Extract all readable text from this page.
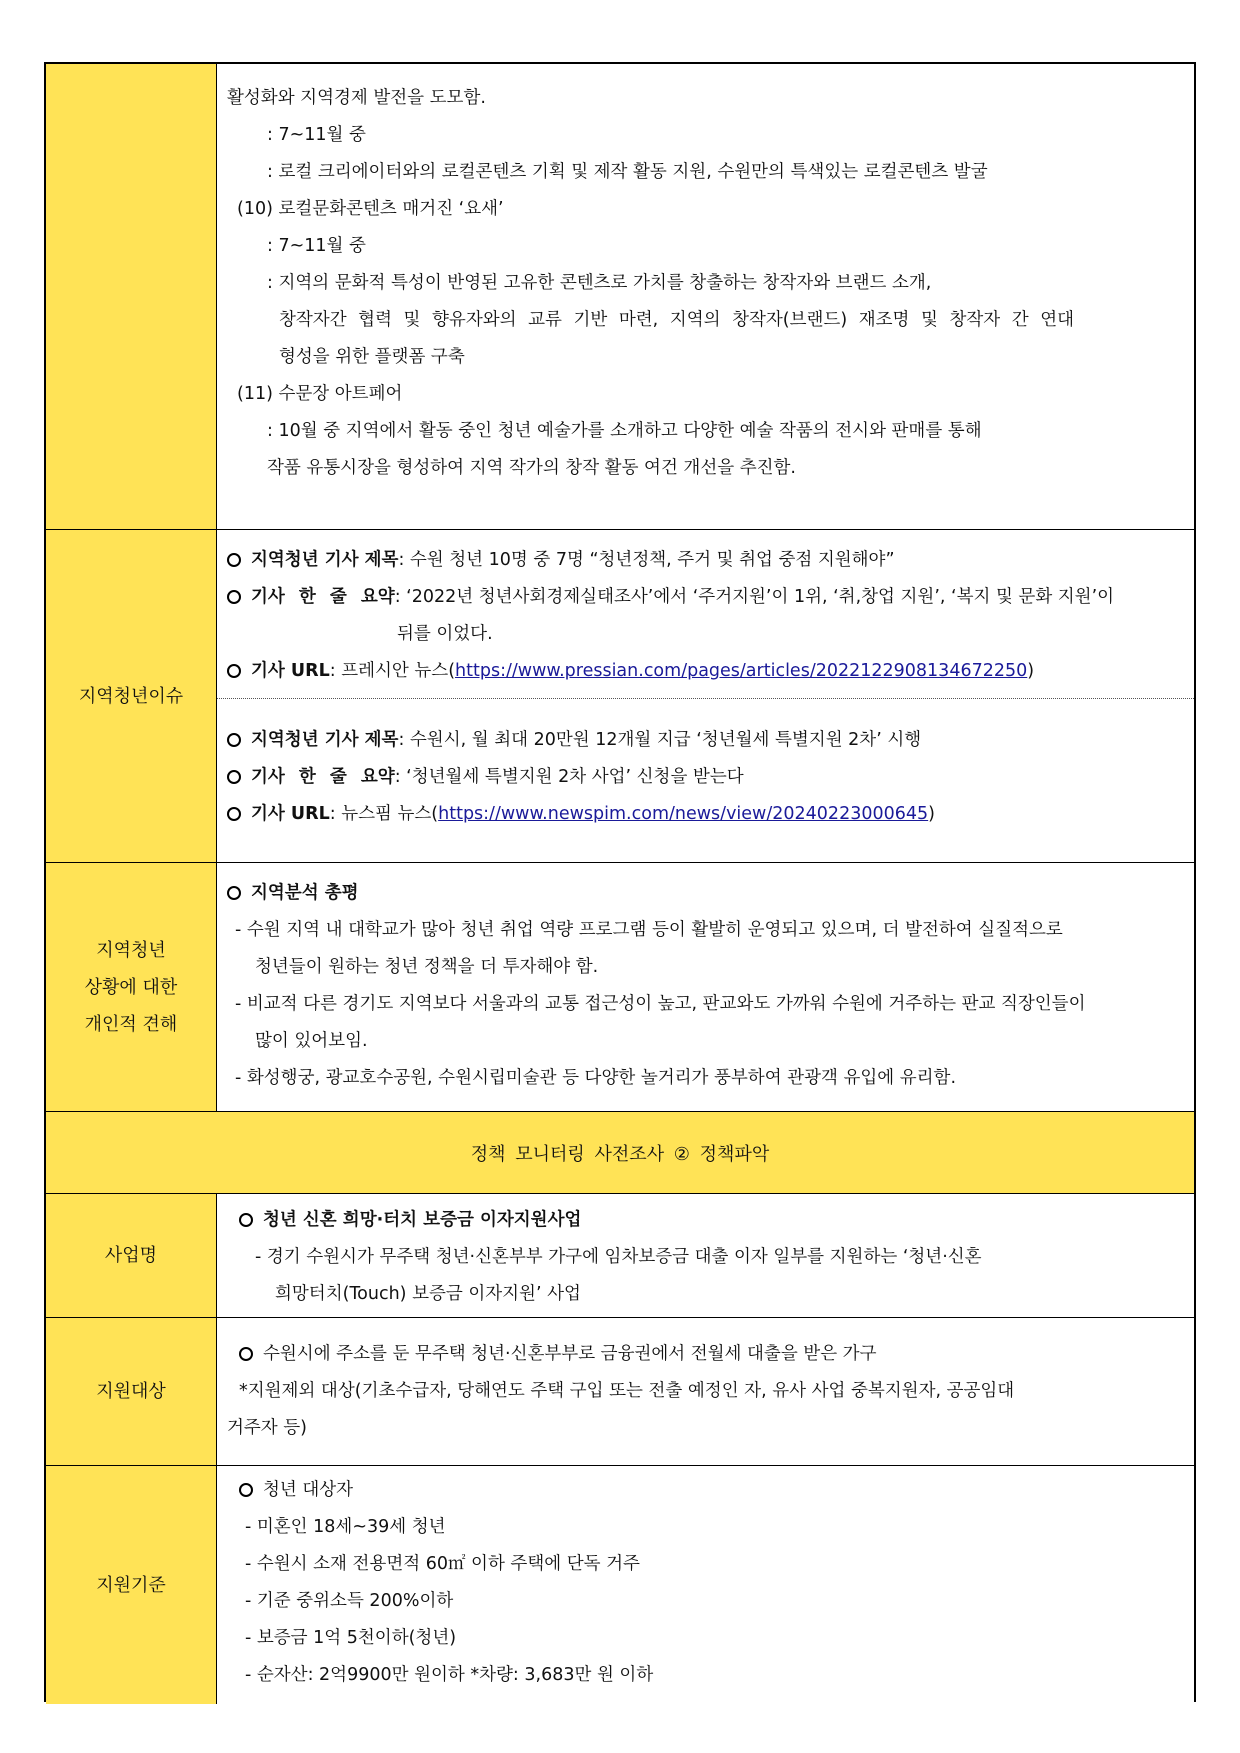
활성화와 지역경제 발전을 도모함.
: 7~11월 중
: 로컬 크리에이터와의 로컬콘텐츠 기획 및 제작 활동 지원, 수원만의 특색있는 로컬콘텐츠 발굴
(10) 로컬문화콘텐츠 매거진 ‘요새’
: 7~11월 중
: 지역의 문화적 특성이 반영된 고유한 콘텐츠로 가치를 창출하는 창작자와 브랜드 소개,
창작자간 협력 및 향유자와의 교류 기반 마련, 지역의 창작자(브랜드) 재조명 및 창작자 간 연대
형성을 위한 플랫폼 구축
(11) 수문장 아트페어
: 10월 중 지역에서 활동 중인 청년 예술가를 소개하고 다양한 예술 작품의 전시와 판매를 통해
작품 유통시장을 형성하여 지역 작가의 창작 활동 여건 개선을 추진함.
지역청년이슈
지역청년 기사 제목: 수원 청년 10명 중 7명 “청년정책, 주거 및 취업 중점 지원해야”
기사 한 줄 요약: ‘2022년 청년사회경제실태조사’에서 ‘주거지원’이 1위, ‘취,창업 지원’, ‘복지 및 문화 지원’이
뒤를 이었다.
기사 URL: 프레시안 뉴스(https://www.pressian.com/pages/articles/2022122908134672250)
지역청년 기사 제목: 수원시, 월 최대 20만원 12개월 지급 ‘청년월세 특별지원 2차’ 시행
기사 한 줄 요약: ‘청년월세 특별지원 2차 사업’ 신청을 받는다
기사 URL: 뉴스핌 뉴스(https://www.newspim.com/news/view/20240223000645)
지역청년
상황에 대한
개인적 견해
지역분석 총평
- 수원 지역 내 대학교가 많아 청년 취업 역량 프로그램 등이 활발히 운영되고 있으며, 더 발전하여 실질적으로
청년들이 원하는 청년 정책을 더 투자해야 함.
- 비교적 다른 경기도 지역보다 서울과의 교통 접근성이 높고, 판교와도 가까워 수원에 거주하는 판교 직장인들이
많이 있어보임.
- 화성행궁, 광교호수공원, 수원시립미술관 등 다양한 놀거리가 풍부하여 관광객 유입에 유리함.
정책 모니터링 사전조사 ② 정책파악
사업명
청년 신혼 희망·터치 보증금 이자지원사업
- 경기 수원시가 무주택 청년·신혼부부 가구에 임차보증금 대출 이자 일부를 지원하는 ‘청년·신혼
희망터치(Touch) 보증금 이자지원’ 사업
지원대상
수원시에 주소를 둔 무주택 청년·신혼부부로 금융권에서 전월세 대출을 받은 가구
*지원제외 대상(기초수급자, 당해연도 주택 구입 또는 전출 예정인 자, 유사 사업 중복지원자, 공공임대
거주자 등)
지원기준
청년 대상자
- 미혼인 18세~39세 청년
- 수원시 소재 전용면적 60㎡ 이하 주택에 단독 거주
- 기준 중위소득 200%이하
- 보증금 1억 5천이하(청년)
- 순자산: 2억9900만 원이하 *차량: 3,683만 원 이하
